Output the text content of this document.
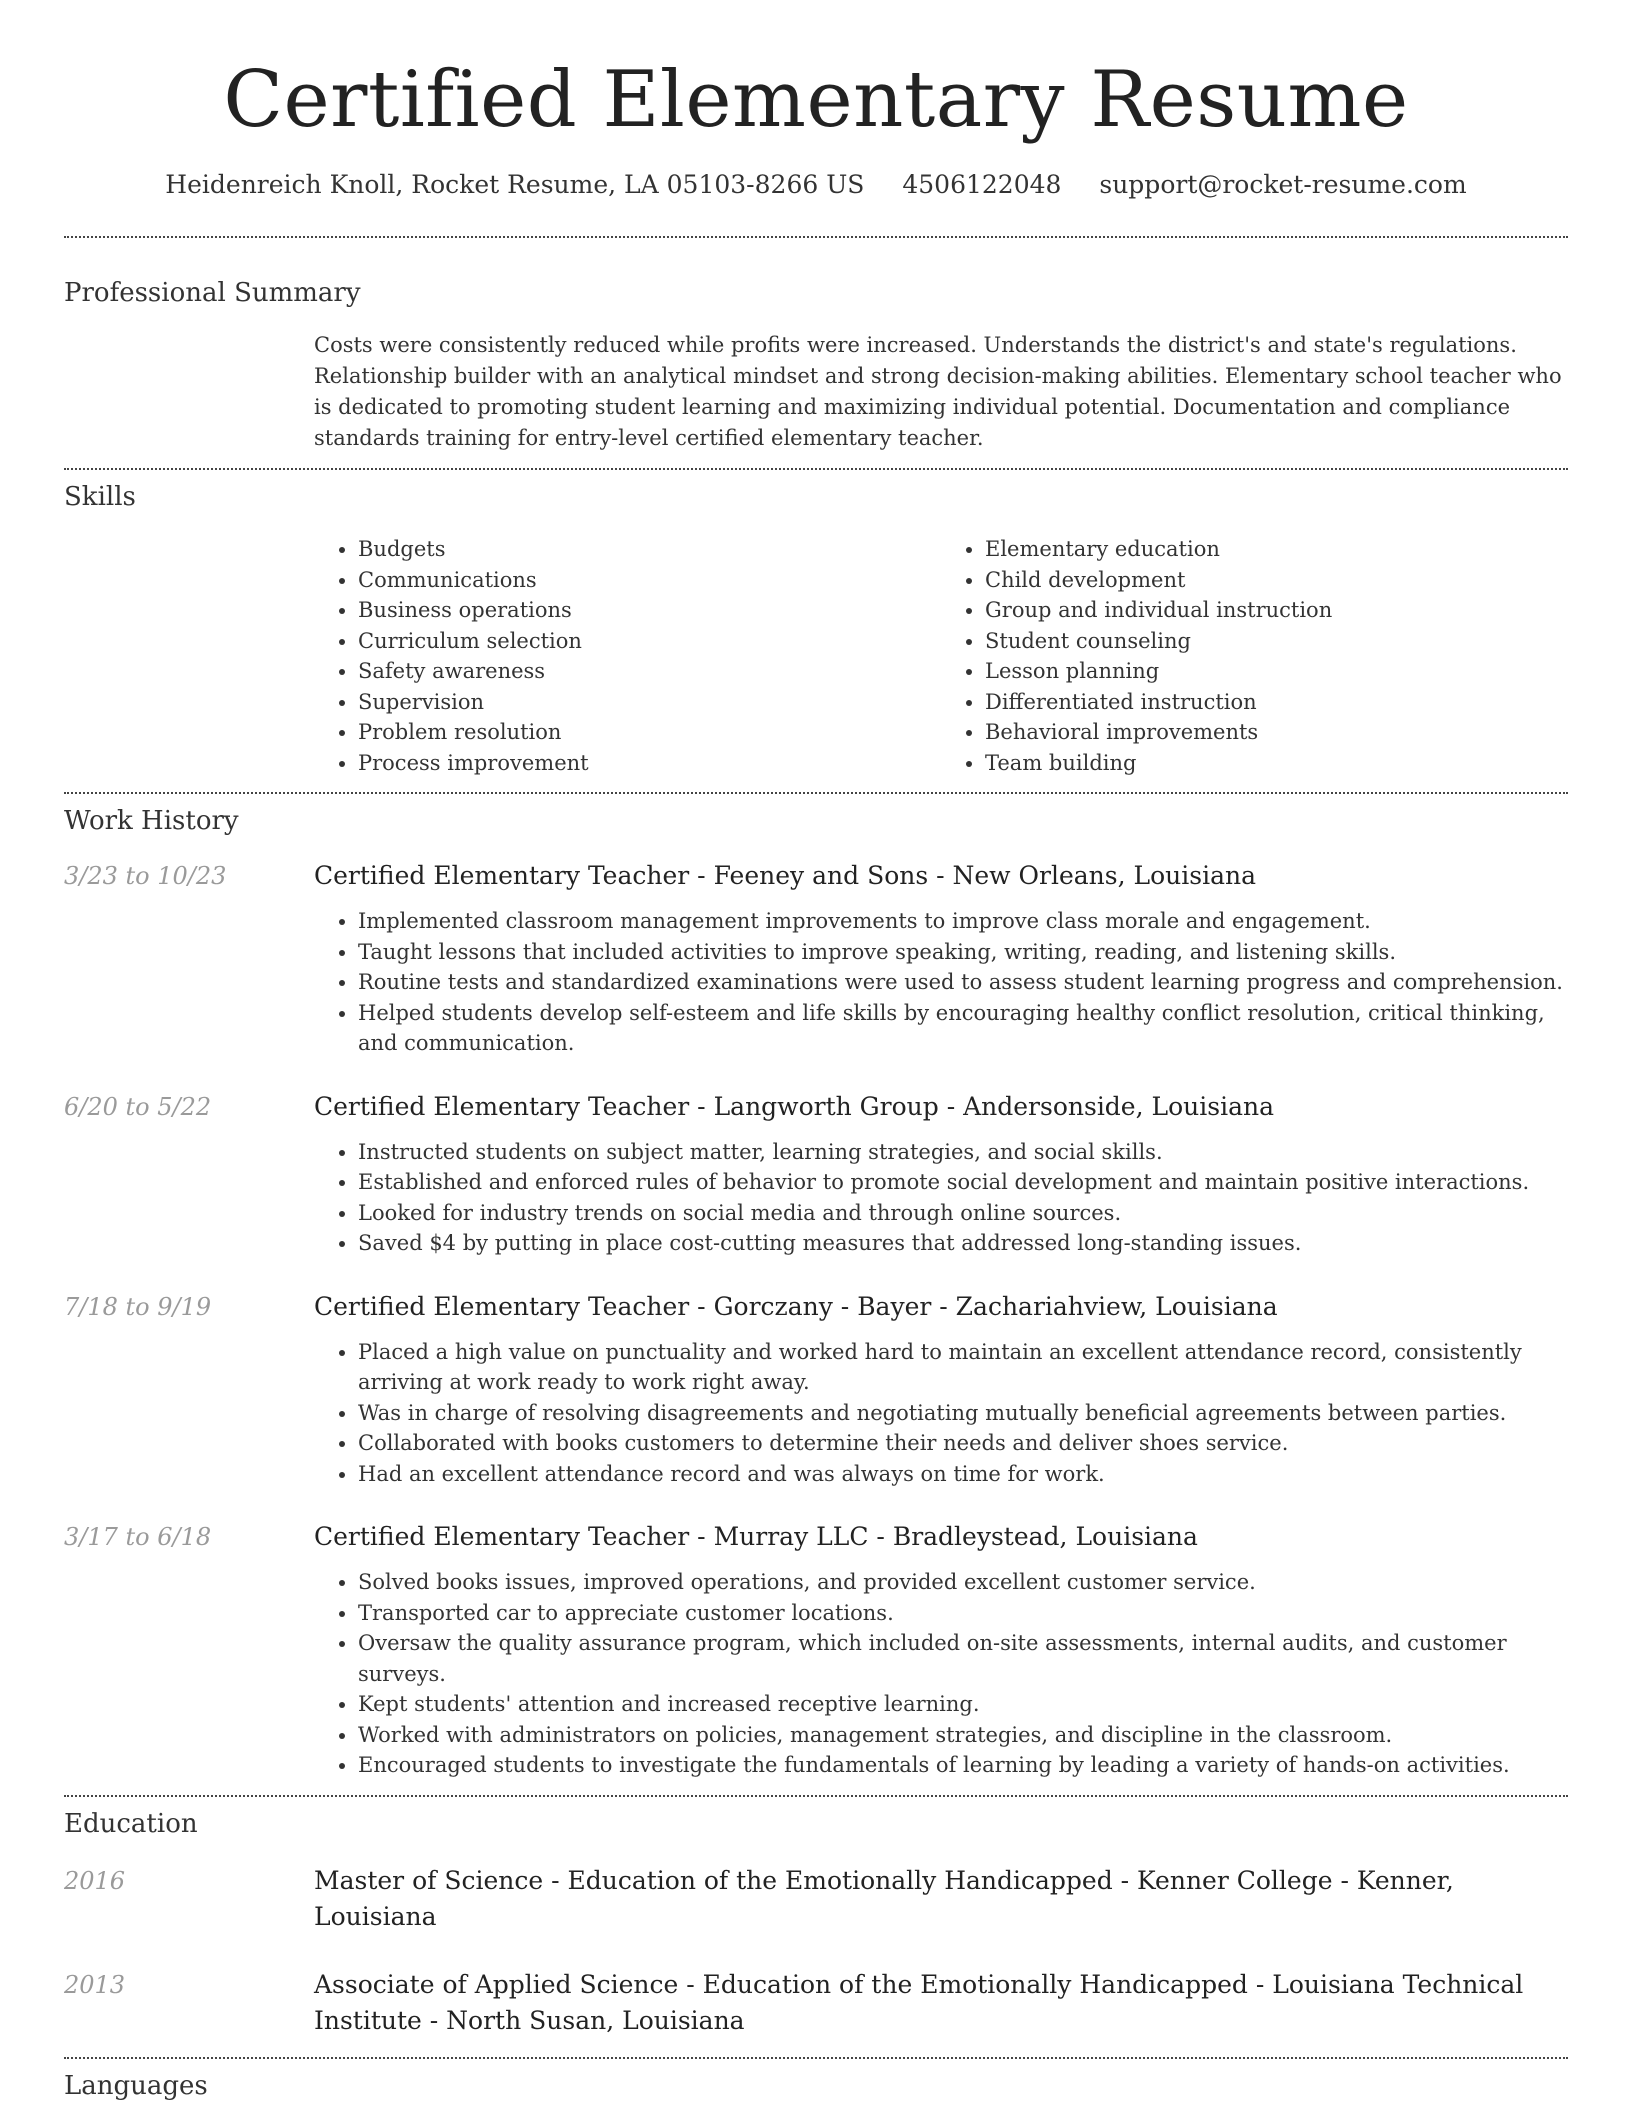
Certified Elementary Resume
Heidenreich Knoll, Rocket Resume, LA 05103-8266 US 4506122048 support@rocket-resume.com
Professional Summary
Costs were consistently reduced while profits were increased. Understands the district's and state's regulations. Relationship builder with an analytical mindset and strong decision-making abilities. Elementary school teacher who is dedicated to promoting student learning and maximizing individual potential. Documentation and compliance standards training for entry-level certified elementary teacher.
Skills
• Budgets
• Communications
• Business operations
• Curriculum selection
• Safety awareness
• Supervision
• Problem resolution
• Process improvement
• Elementary education
• Child development
• Group and individual instruction
• Student counseling
• Lesson planning
• Differentiated instruction
• Behavioral improvements
• Team building
Work History
3/23 to 10/23	Certified Elementary Teacher - Feeney and Sons - New Orleans, Louisiana
• Implemented classroom management improvements to improve class morale and engagement.
• Taught lessons that included activities to improve speaking, writing, reading, and listening skills.
• Routine tests and standardized examinations were used to assess student learning progress and comprehension.
• Helped students develop self-esteem and life skills by encouraging healthy conflict resolution, critical thinking, and communication.
6/20 to 5/22	Certified Elementary Teacher - Langworth Group - Andersonside, Louisiana
• Instructed students on subject matter, learning strategies, and social skills.
• Established and enforced rules of behavior to promote social development and maintain positive interactions.
• Looked for industry trends on social media and through online sources.
• Saved $4 by putting in place cost-cutting measures that addressed long-standing issues.
7/18 to 9/19	Certified Elementary Teacher - Gorczany - Bayer - Zachariahview, Louisiana
• Placed a high value on punctuality and worked hard to maintain an excellent attendance record, consistently arriving at work ready to work right away.
• Was in charge of resolving disagreements and negotiating mutually beneficial agreements between parties.
• Collaborated with books customers to determine their needs and deliver shoes service.
• Had an excellent attendance record and was always on time for work.
3/17 to 6/18	Certified Elementary Teacher - Murray LLC - Bradleystead, Louisiana
• Solved books issues, improved operations, and provided excellent customer service.
• Transported car to appreciate customer locations.
• Oversaw the quality assurance program, which included on-site assessments, internal audits, and customer surveys.
• Kept students' attention and increased receptive learning.
• Worked with administrators on policies, management strategies, and discipline in the classroom.
• Encouraged students to investigate the fundamentals of learning by leading a variety of hands-on activities.
Education
2016	Master of Science - Education of the Emotionally Handicapped - Kenner College - Kenner, Louisiana
2013	Associate of Applied Science - Education of the Emotionally Handicapped - Louisiana Technical Institute - North Susan, Louisiana
Languages
